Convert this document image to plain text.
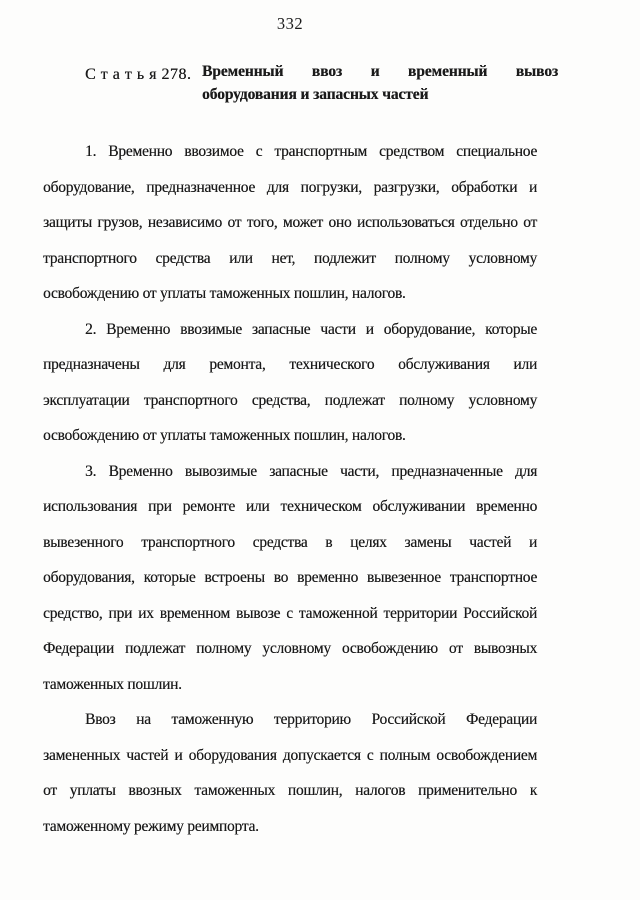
332
С т а т ь я 278. Временный ввоз и временный вывоз
оборудования и запасных частей
1. Временно ввозимое с транспортным средством специальное
оборудование, предназначенное для погрузки, разгрузки, обработки и
защиты грузов, независимо от того, может оно использоваться отдельно от
транспортного средства или нет, подлежит полному условному
освобождению от уплаты таможенных пошлин, налогов.
2. Временно ввозимые запасные части и оборудование, которые
предназначены для ремонта, технического обслуживания или
эксплуатации транспортного средства, подлежат полному условному
освобождению от уплаты таможенных пошлин, налогов.
3. Временно вывозимые запасные части, предназначенные для
использования при ремонте или техническом обслуживании временно
вывезенного транспортного средства в целях замены частей и
оборудования, которые встроены во временно вывезенное транспортное
средство, при их временном вывозе с таможенной территории Российской
Федерации подлежат полному условному освобождению от вывозных
таможенных пошлин.
Ввоз на таможенную территорию Российской Федерации
замененных частей и оборудования допускается с полным освобождением
от уплаты ввозных таможенных пошлин, налогов применительно к
таможенному режиму реимпорта.
